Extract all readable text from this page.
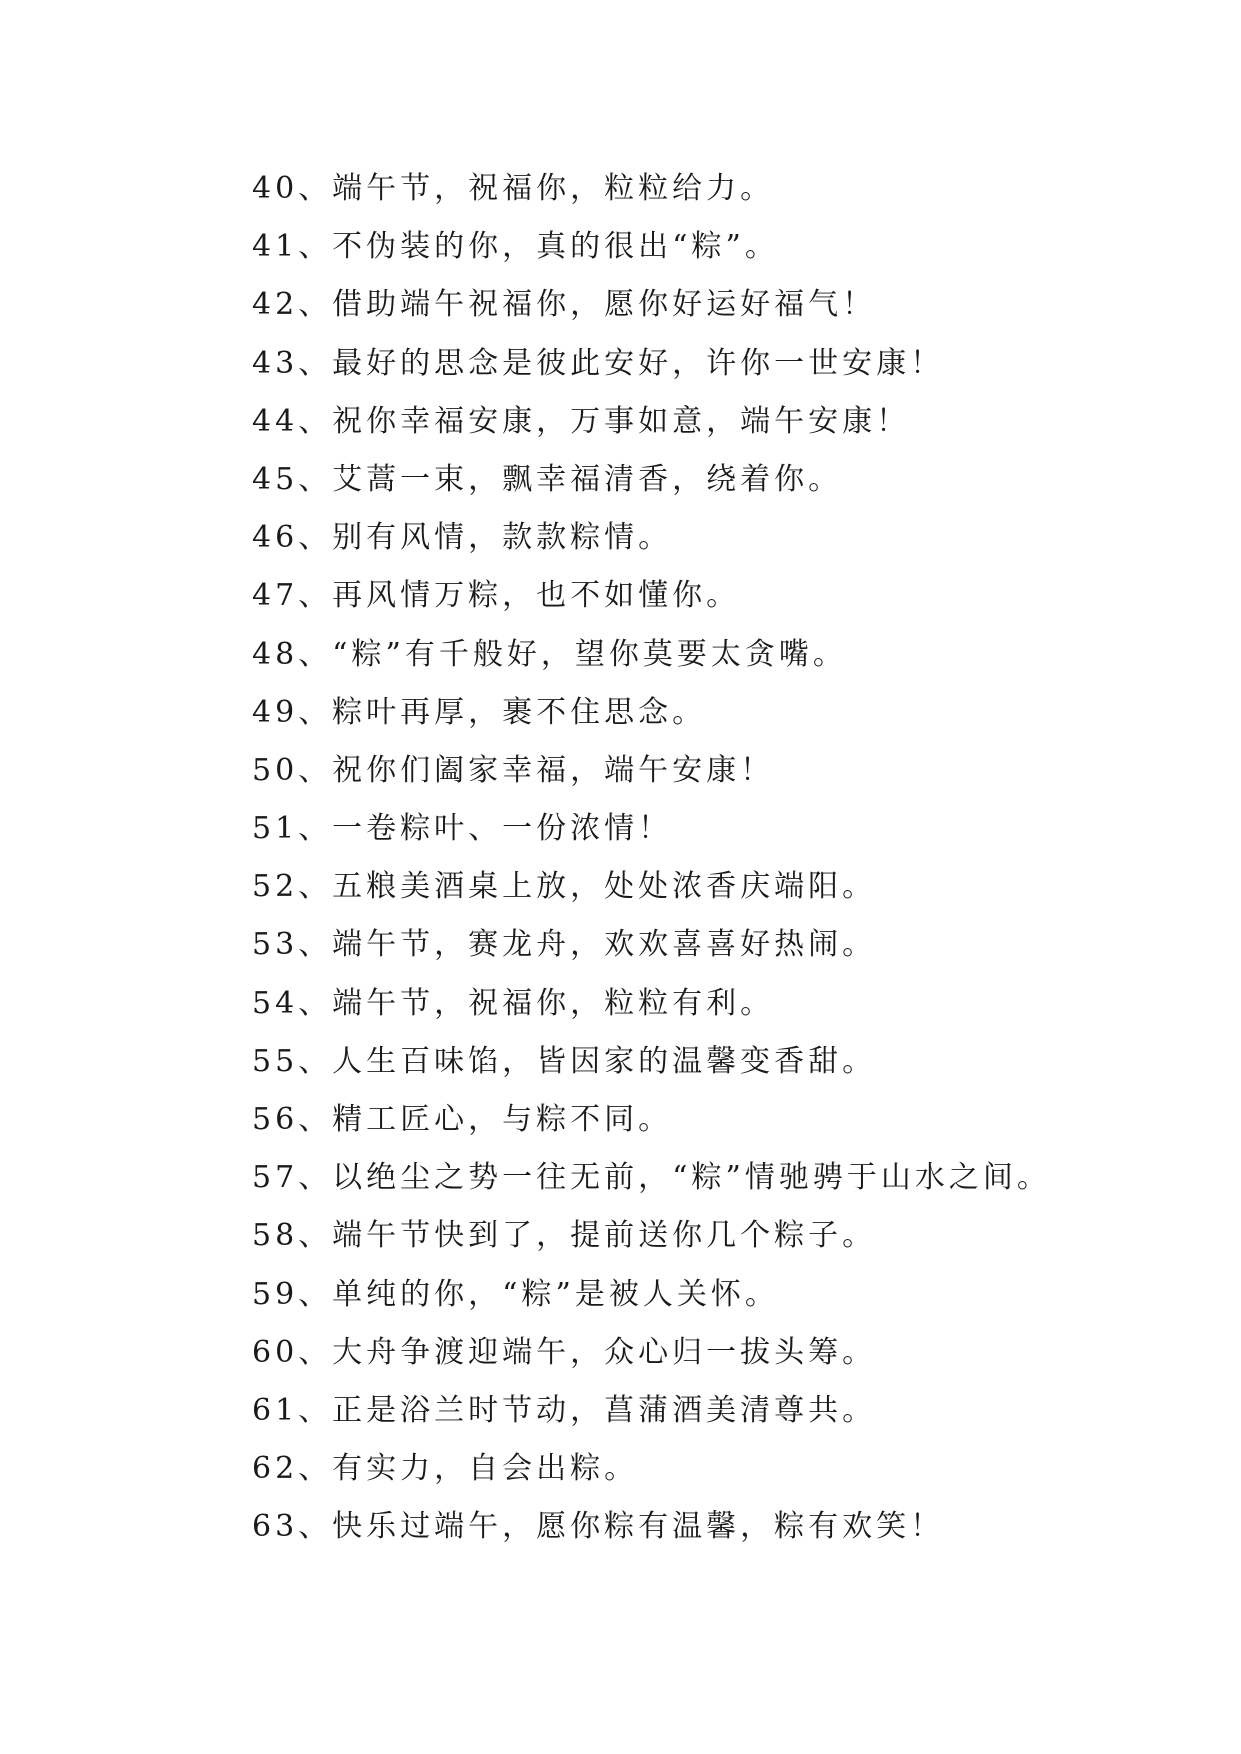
40、端午节，祝福你，粒粒给力。
41、不伪装的你，真的很出“粽”。
42、借助端午祝福你，愿你好运好福气！
43、最好的思念是彼此安好，许你一世安康！
44、祝你幸福安康，万事如意，端午安康！
45、艾蒿一束，飘幸福清香，绕着你。
46、别有风情，款款粽情。
47、再风情万粽，也不如懂你。
48、“粽”有千般好，望你莫要太贪嘴。
49、粽叶再厚，裹不住思念。
50、祝你们阖家幸福，端午安康！
51、一卷粽叶、一份浓情！
52、五粮美酒桌上放，处处浓香庆端阳。
53、端午节，赛龙舟，欢欢喜喜好热闹。
54、端午节，祝福你，粒粒有利。
55、人生百味馅，皆因家的温馨变香甜。
56、精工匠心，与粽不同。
57、以绝尘之势一往无前，“粽”情驰骋于山水之间。
58、端午节快到了，提前送你几个粽子。
59、单纯的你，“粽”是被人关怀。
60、大舟争渡迎端午，众心归一拔头筹。
61、正是浴兰时节动，菖蒲酒美清尊共。
62、有实力，自会出粽。
63、快乐过端午，愿你粽有温馨，粽有欢笑！
